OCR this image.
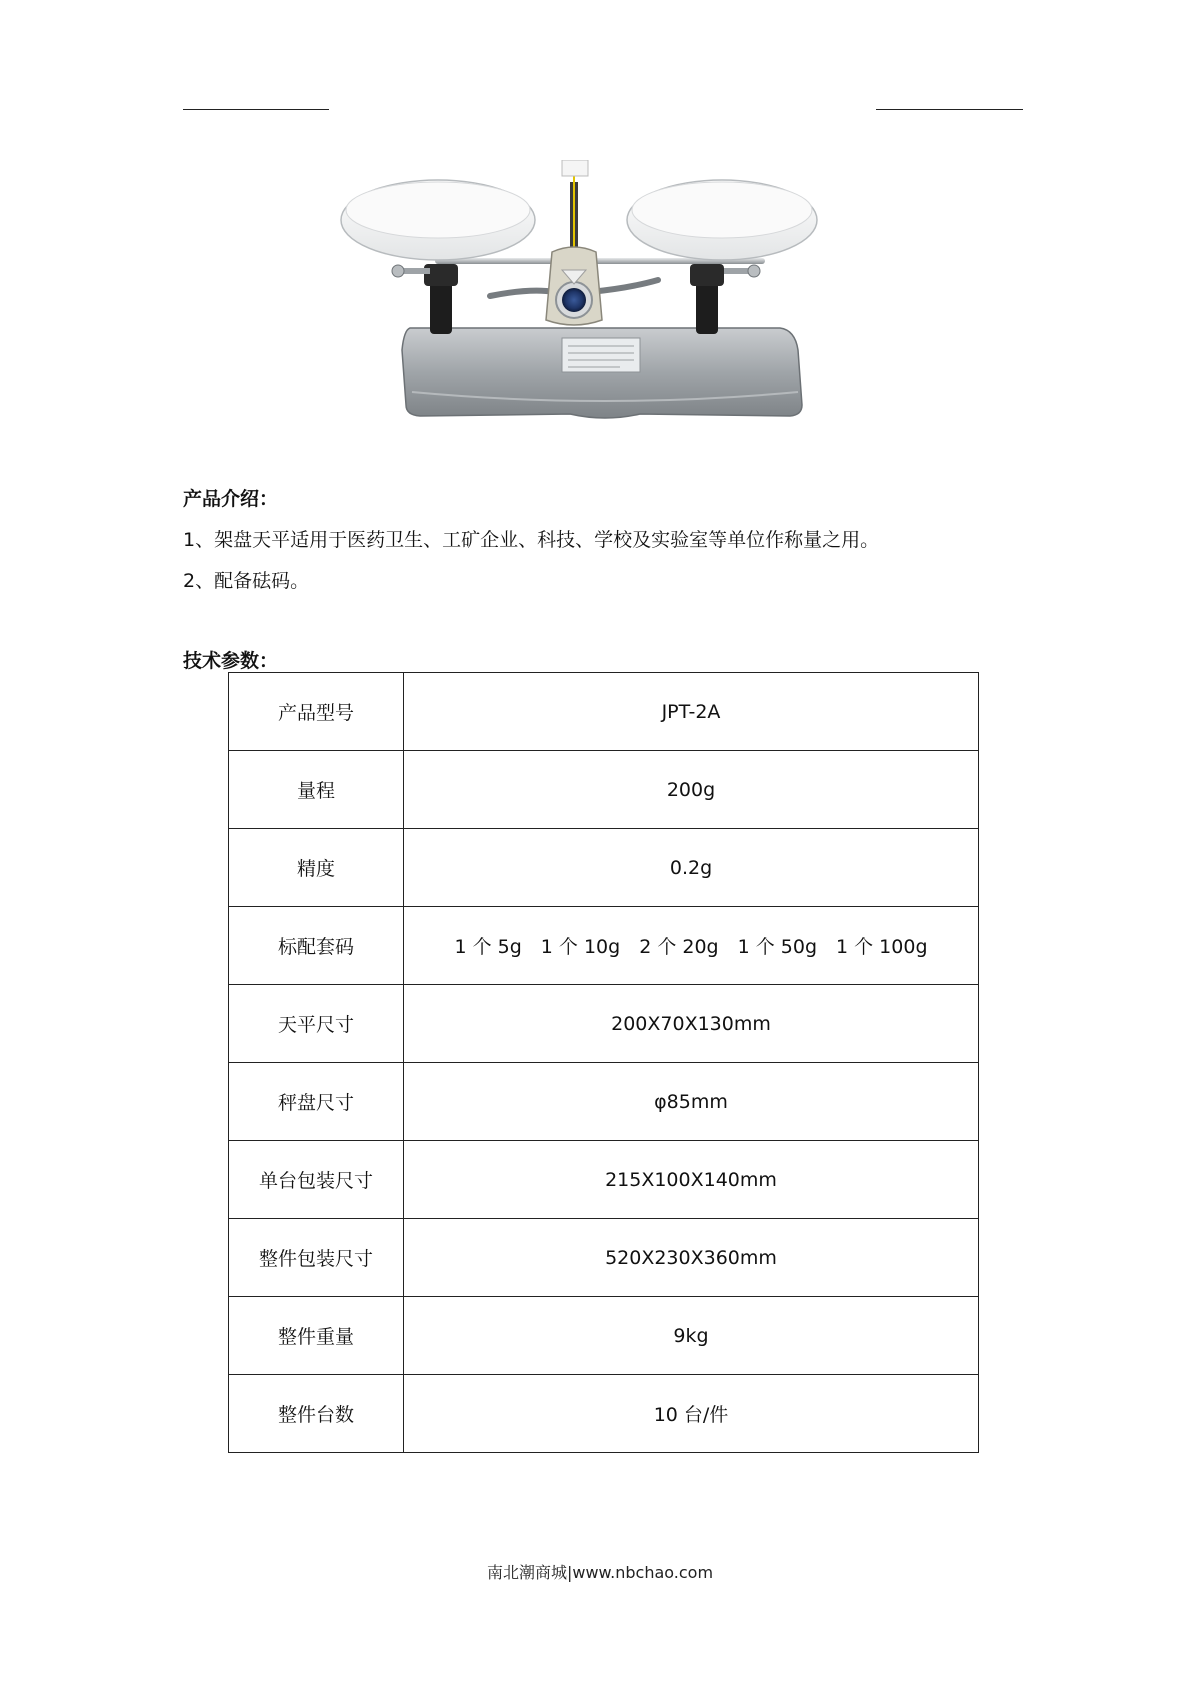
产品介绍：
1、架盘天平适用于医药卫生、工矿企业、科技、学校及实验室等单位作称量之用。
2、配备砝码。
技术参数：
产品型号	JPT-2A
量程	200g
精度	0.2g
标配套码	1 个 5g　1 个 10g　2 个 20g　1 个 50g　1 个 100g
天平尺寸	200X70X130mm
秤盘尺寸	φ85mm
单台包装尺寸	215X100X140mm
整件包装尺寸	520X230X360mm
整件重量	9kg
整件台数	10 台/件
南北潮商城|www.nbchao.com
